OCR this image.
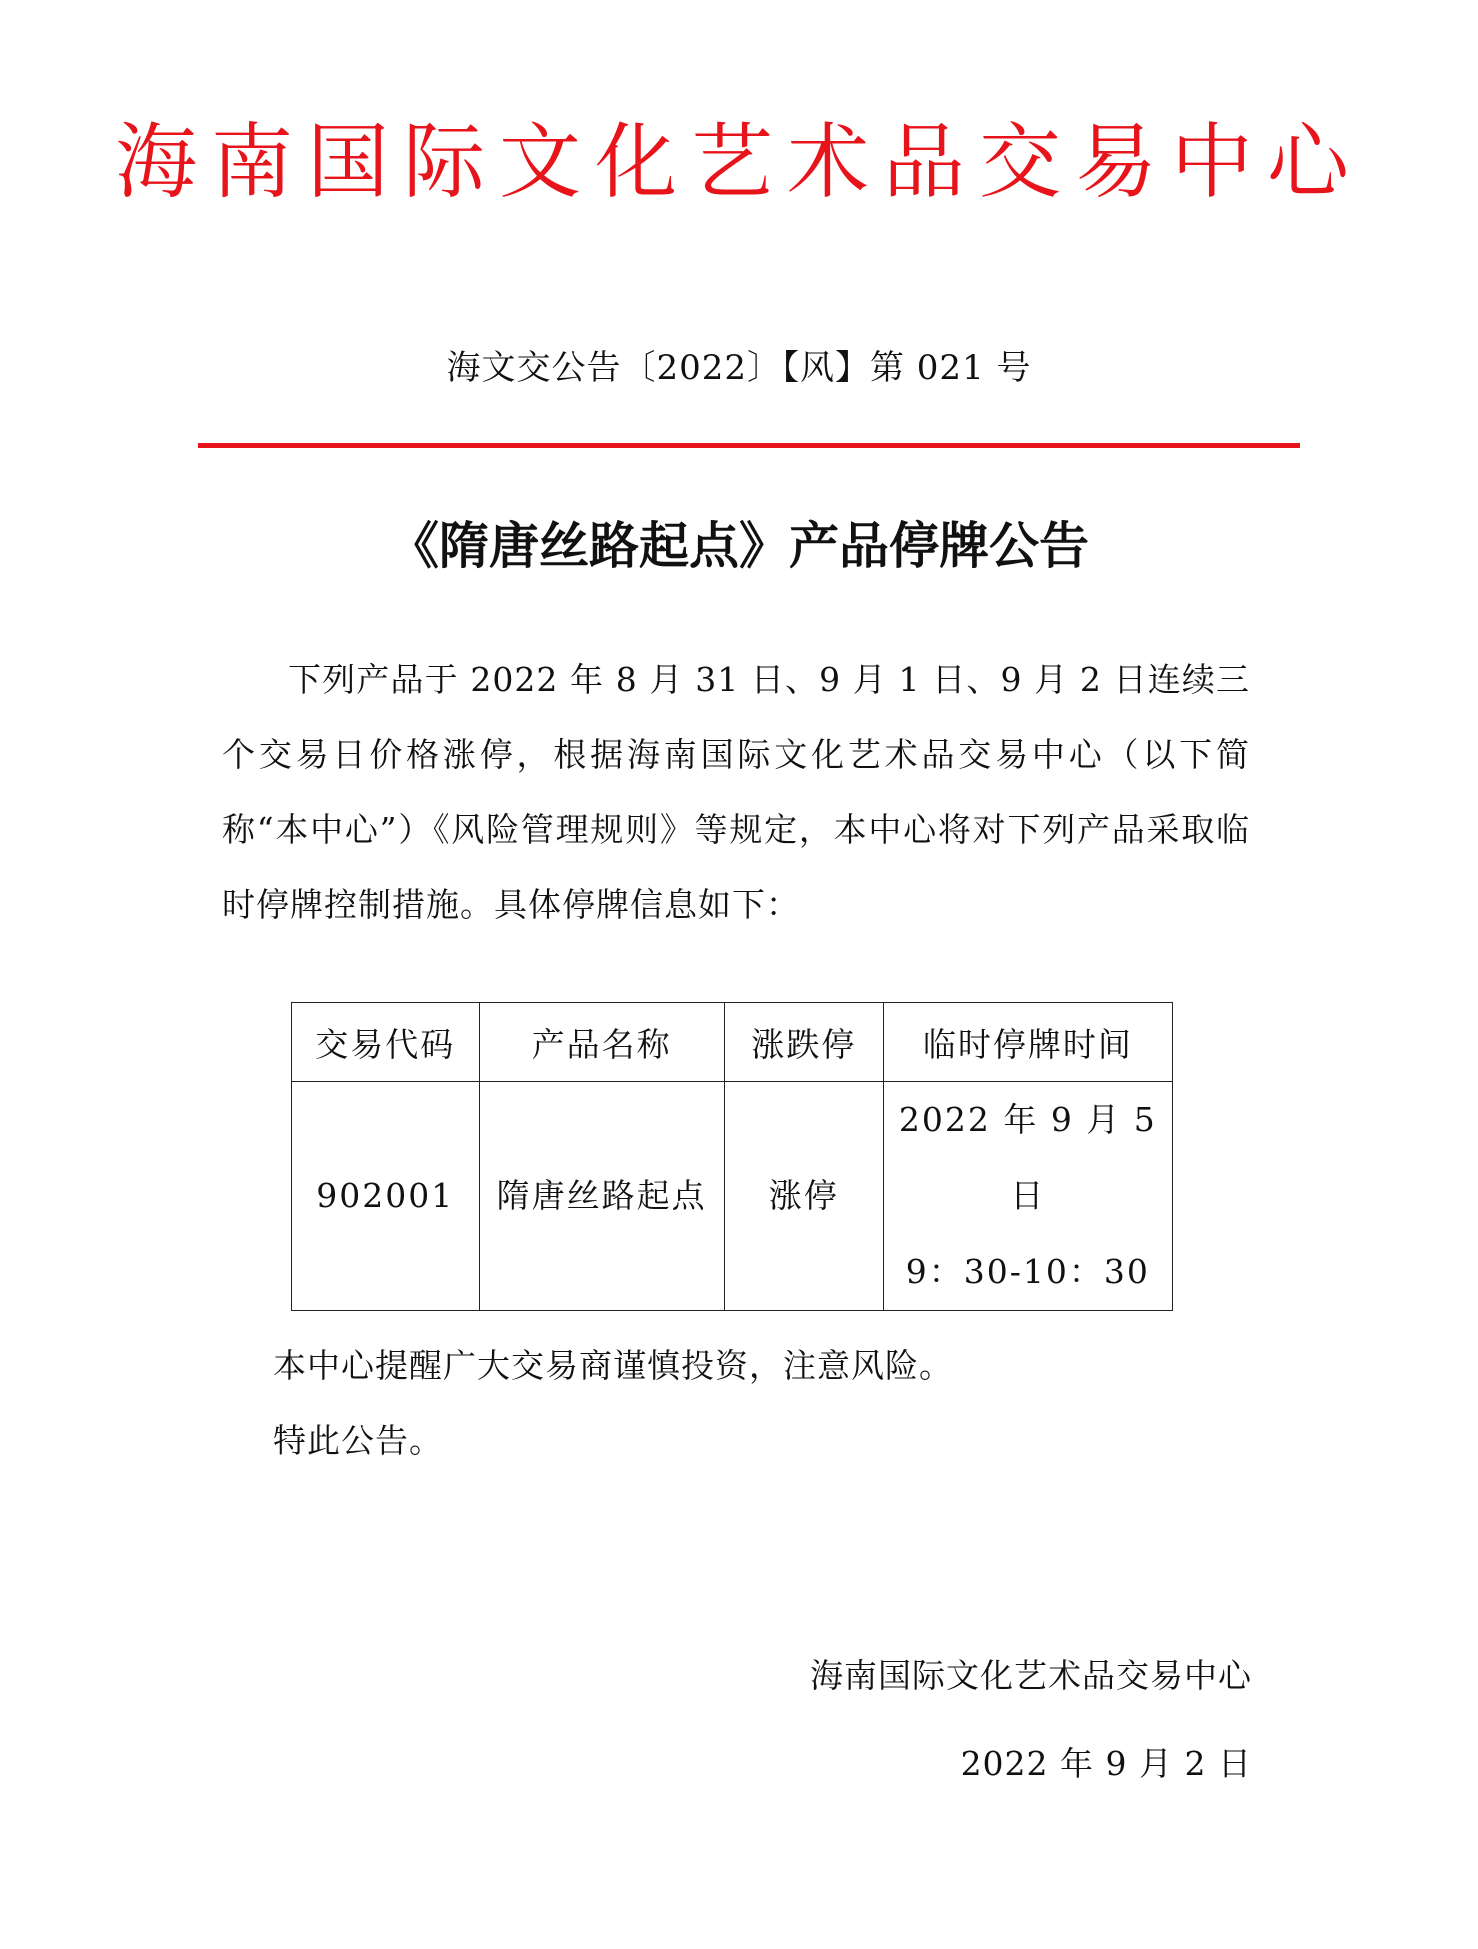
海南国际文化艺术品交易中心
海文交公告〔2022〕【风】第 021 号
《隋唐丝路起点》产品停牌公告
下列产品于 2022 年 8 月 31 日、9 月 1 日、9 月 2 日连续三个交易日价格涨停，根据海南国际文化艺术品交易中心（以下简称“本中心”）《风险管理规则》等规定，本中心将对下列产品采取临时停牌控制措施。具体停牌信息如下：
交易代码	产品名称	涨跌停	临时停牌时间
902001	隋唐丝路起点	涨停	2022 年 9 月 5 日
9：30-10：30
本中心提醒广大交易商谨慎投资，注意风险。
特此公告。
海南国际文化艺术品交易中心
2022 年 9 月 2 日
